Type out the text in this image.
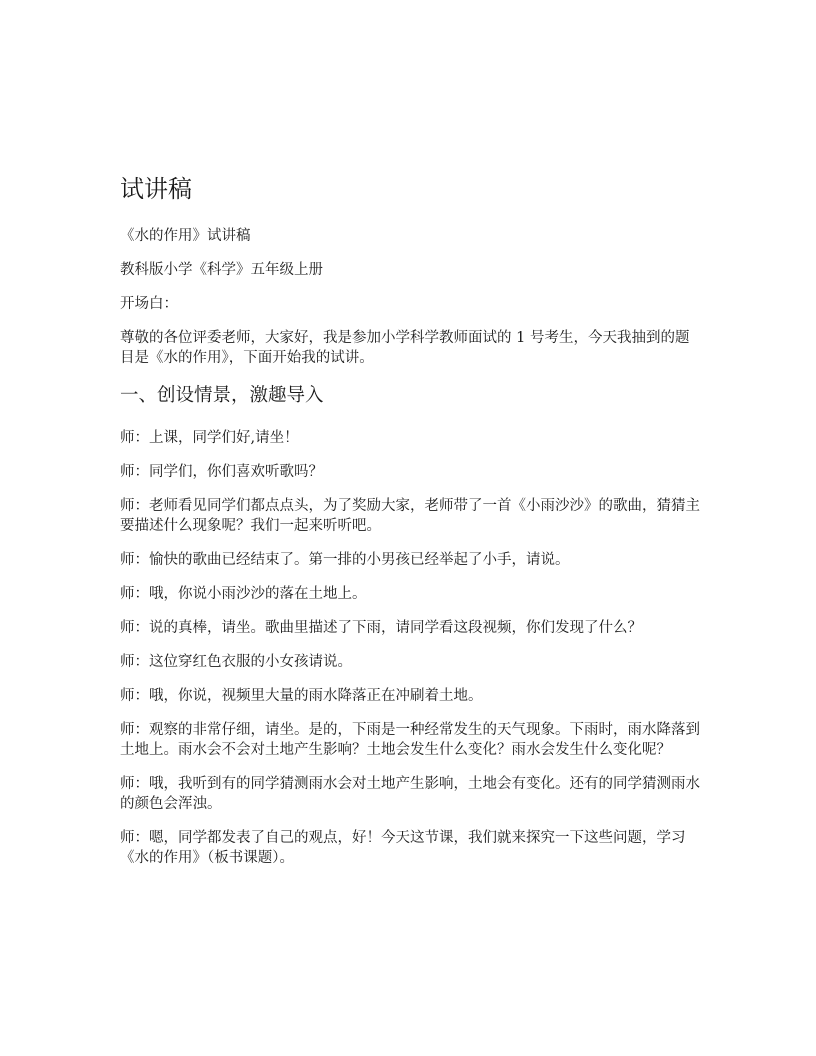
试讲稿

《水的作用》试讲稿

教科版小学《科学》五年级上册

开场白：

尊敬的各位评委老师，大家好，我是参加小学科学教师面试的 1 号考生，今天我抽到的题目是《水的作用》，下面开始我的试讲。

一、创设情景，激趣导入

师：上课，同学们好,请坐！

师：同学们，你们喜欢听歌吗？

师：老师看见同学们都点点头，为了奖励大家，老师带了一首《小雨沙沙》的歌曲，猜猜主要描述什么现象呢？我们一起来听听吧。

师：愉快的歌曲已经结束了。第一排的小男孩已经举起了小手，请说。

师：哦，你说小雨沙沙的落在土地上。

师：说的真棒，请坐。歌曲里描述了下雨，请同学看这段视频，你们发现了什么？

师：这位穿红色衣服的小女孩请说。

师：哦，你说，视频里大量的雨水降落正在冲刷着土地。

师：观察的非常仔细，请坐。是的，下雨是一种经常发生的天气现象。下雨时，雨水降落到土地上。雨水会不会对土地产生影响？土地会发生什么变化？雨水会发生什么变化呢？

师：哦，我听到有的同学猜测雨水会对土地产生影响，土地会有变化。还有的同学猜测雨水的颜色会浑浊。

师：嗯，同学都发表了自己的观点，好！今天这节课，我们就来探究一下这些问题，学习《水的作用》（板书课题）。
